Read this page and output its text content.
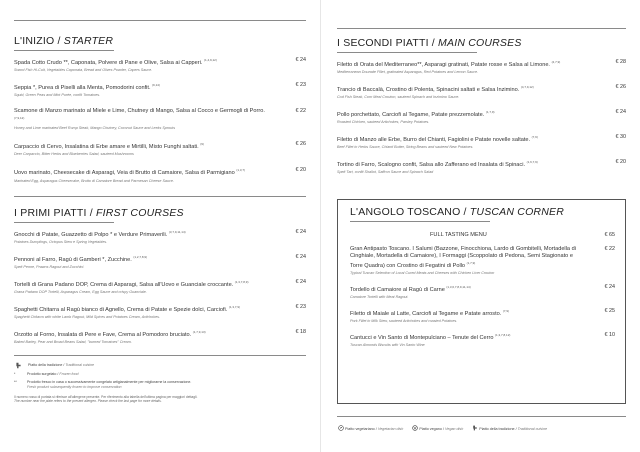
L'INIZIO / STARTER
Spada Cotto Crudo **, Caponata, Polvere di Pane e Olive, Salsa ai Capperi. $^{(1,4,9,12)}$
Sword Fish Hi-Cuit, Vegetables Caponata, Bread and Olives Powder, Capers Sauce.
€ 24
Seppia *, Purea di Piselli alla Menta, Pomodorini confit. $^{(9,14)}$
Squid, Green Peas and Mint Purée, confit Tomatoes.
€ 23
Scamone di Manzo marinato al Miele e Lime, Chutney di Mango, Salsa al Cocco e Germogli di Porro. $^{(7,9,12)}$
Honey and Lime marinated Beef Rump Steak, Mango Chutney, Coconut Sauce and Leeks Sprouts
€ 22
Carpaccio di Cervo, Insalatina di Erbe amare e Mirtilli, Misto Funghi saltati. $^{(9)}$
Deer Carpaccio, Bitter Herbs and Blueberries Salad, sauteed Mushrooms
€ 26
Uovo marinato, Cheesecake di Asparagi, Veia di Brutto di Camaiore, Salsa di Parmigiano $^{(1,3,7)}$
Marinated Egg, Asparagus Cheesecake, Brutto di Camaiore Bread and Parmesan Cheese Sauce.
€ 20
I PRIMI PIATTI / FIRST COURSES
Gnocchi di Patate, Guazzetto di Polpo * e Verdure Primaverili. $^{(3,7,9,11,14)}$
Potatoes Dumplings, Octopus Stew e Spring Vegetables.
€ 24
Pennoni al Farro, Ragù di Gamberi *, Zucchine. $^{(1,2,7,8,9)}$
Spelt Penne, Prawns Ragout and Zucchini.
€ 24
Tortelli di Grana Padano DOP, Crema di Asparagi, Salsa all'Uovo e Guanciale croccante. $^{(1,3,7,8,9)}$
Grana Padano DOP Tortelli, Asparagus Cream, Egg Sauce and crispy Guanciale.
€ 24
Spaghetti Chitarra al Ragù bianco di Agnello, Crema di Patate e Spezie dolci, Carciofi. $^{(1,3,7,9)}$
Spaghetti Chitarra with white Lamb Ragout, Mild Spices and Potatoes Cream, Artichokes.
€ 23
Orzotto al Forno, Insalata di Pere e Fave, Crema al Pomodoro bruciato. $^{(1,7,9,13)}$
Baked Barley, Pear and Broad Beans Salad, "burned Tomatoes" Cream.
€ 18
Piatto della tradizione /
Traditional cuisine
*	Prodotto surgelato /
Frozen food
**	Prodotto fresco in casa o successivamente congelato artigianalmente per migliorarne la conservazione.
Fresh product subsequently frozen to improve conservation
Il numero rosso di portata si riferisce all'allergene presente. Per riferimento alla tabella dell'ultima pagina per maggiori dettagli.
The number near the plate refers to the present allergen. Please check the last page for more details.
I SECONDI PIATTI / MAIN COURSES
Filetto di Orata del Mediterraneo**, Asparagi gratinati, Patate rosse e Salsa al Limone. $^{(4,7,9)}$
Mediterranean Dourade Fillet, gratinated Asparagus, Red Potatoes and Lemon Sauce.
€ 28
Trancio di Baccalà, Crostino di Polenta, Spinacini saltati e Salsa Inzimino. $^{(4,7,9,12)}$
Cod Fish Steak, Corn Meal Crouton, sauteed Spinach and Inzimino Sauce.
€ 26
Pollo porchettato, Carciofi al Tegame, Patate prezzemolate. $^{(1,7,9)}$
Roasted Chicken, sauteed Artichokes, Parsley Potatoes.
€ 24
Filetto di Manzo alle Erbe, Burro del Chianti, Fagiolini e Patate novelle saltate. $^{(7,9)}$
Beef Fillet in Herbs Sauce, Chianti Butter, String Beans and sauteed New Potatoes.
€ 30
Tortino di Farro, Scalogno confit, Salsa allo Zafferano ed Insalata di Spinaci. $^{(1,6,7,9)}$
Spelt Tart, confit Shallot, Saffron Sauce and Spinach Salad
€ 20
L'ANGOLO TOSCANO / TUSCAN CORNER
FULL TASTING MENU	€ 65
Gran Antipasto Toscano. I Salumi (Bazzone, Finocchiona, Lardo di Gombitelli, Mortadella di Cinghiale, Mortadella di Camaiore), I Formaggi (Scoppolato di Pedona, Semi Stagionato e Torre Quadra) con Crostino di Fegatini di Pollo $^{(1,7,9)}$
Typical Tuscan Selection of Local Cured Meats and Cheeses with Chicken Liver Crouton
€ 22
Tordello di Camaiore al Ragù di Carne $^{(1,3,6,7,8,9,11,14)}$
Camaiore Tortelli with Meat Ragout.
€ 24
Filetto di Maiale al Latte, Carciofi al Tegame e Patate arrosto. $^{(7,9)}$
Pork Fillet in Milk Stew, sauteed Artichokes and roasted Potatoes.
€ 25
Cantucci e Vin Santo di Montepulciano – Tenute del Cerro $^{(1,3,7,8,12)}$
Tuscan Almonds Biscuits with Vin Santo Wine
€ 10
Piatto vegetariano / Vegetarian dish	Piatto vegano / Vegan dish	Piatto della tradizione / Traditional cuisine
